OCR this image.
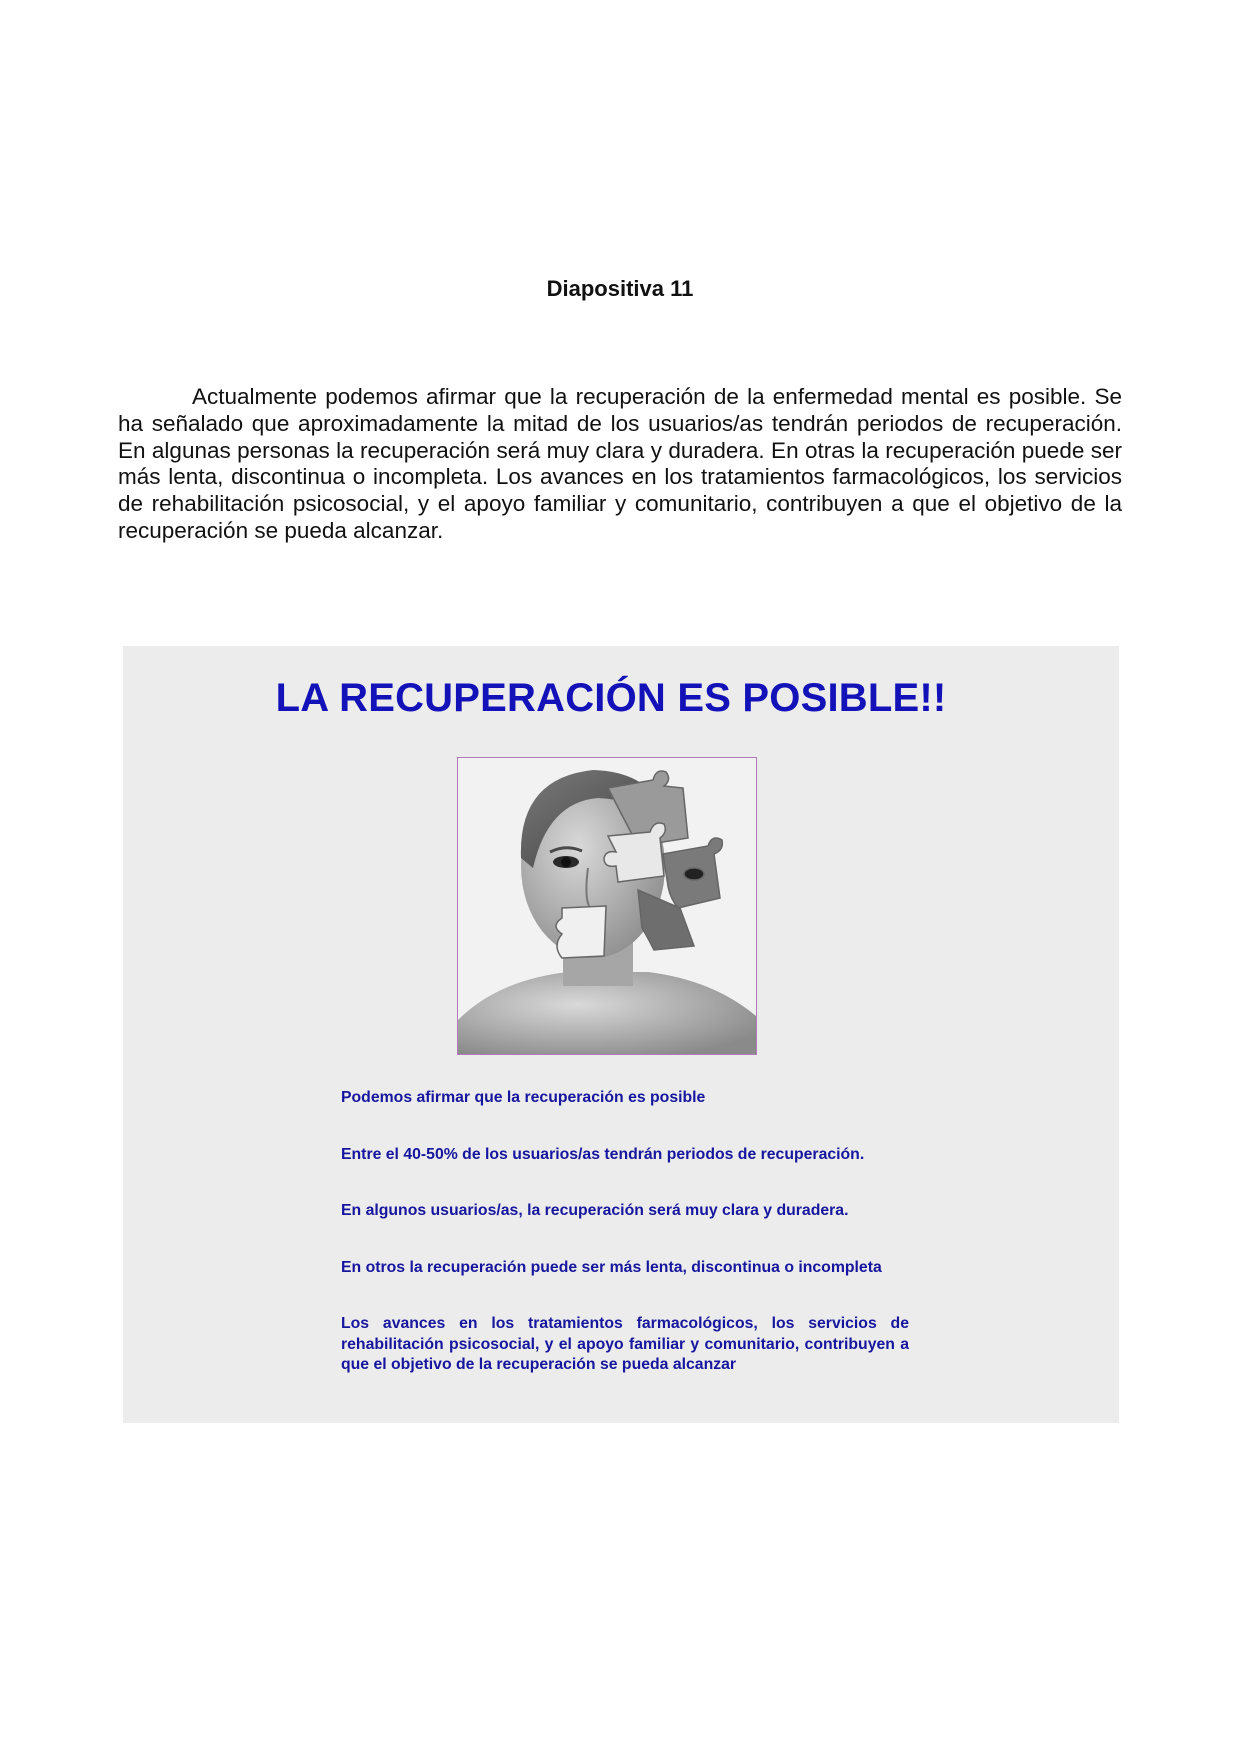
Diapositiva 11

Actualmente podemos afirmar que la recuperación de la enfermedad mental es posible. Se ha señalado que aproximadamente la mitad de los usuarios/as tendrán periodos de recuperación. En algunas personas la recuperación será muy clara y duradera. En otras la recuperación puede ser más lenta, discontinua o incompleta. Los avances en los tratamientos farmacológicos, los servicios de rehabilitación psicosocial, y el apoyo familiar y comunitario, contribuyen a que el objetivo de la recuperación se pueda alcanzar.

LA RECUPERACIÓN ES POSIBLE!!
Podemos afirmar que la recuperación es posible
Entre el 40-50% de los usuarios/as tendrán periodos de recuperación.
En algunos usuarios/as, la recuperación será muy clara y duradera.
En otros la recuperación puede ser más lenta, discontinua o incompleta
Los avances en los tratamientos farmacológicos, los servicios de rehabilitación psicosocial, y el apoyo familiar y comunitario, contribuyen a que el objetivo de la recuperación se pueda alcanzar
